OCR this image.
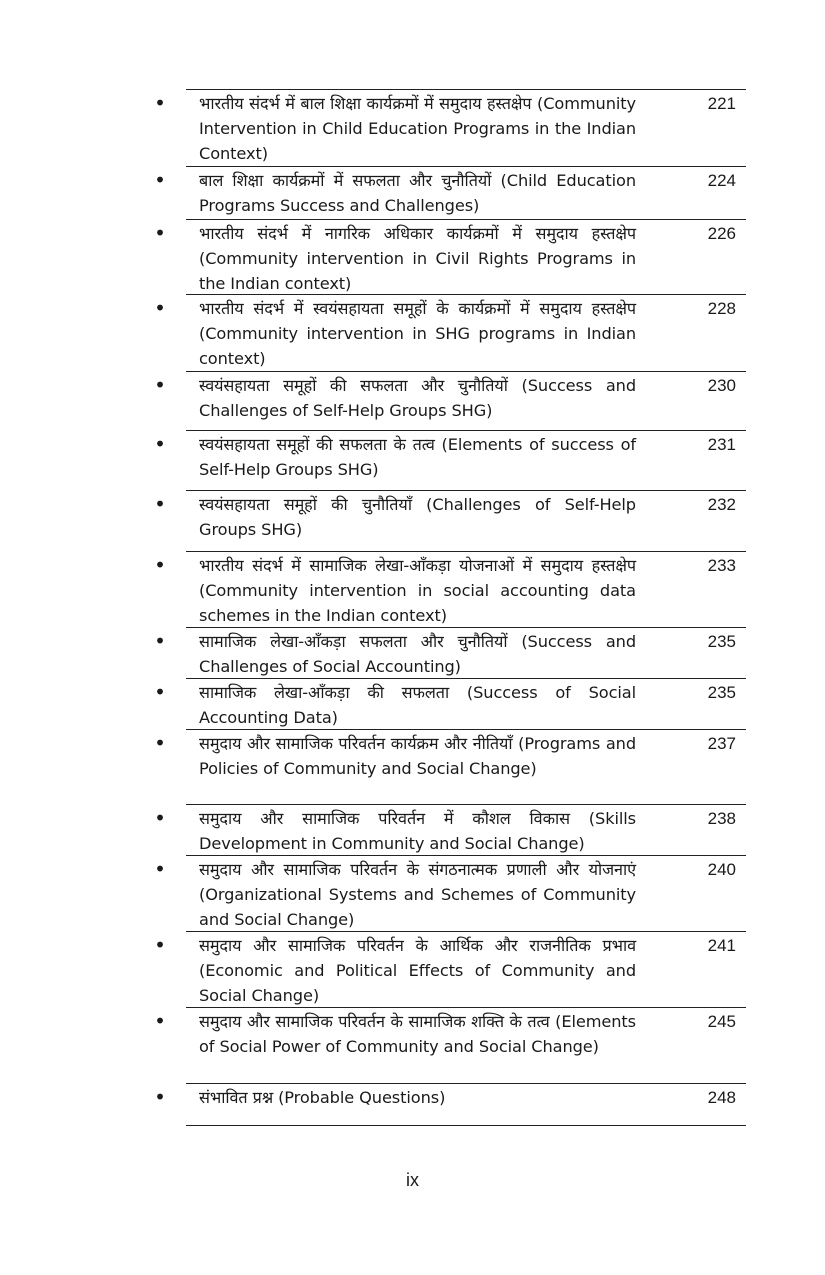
• भारतीय संदर्भ में बाल शिक्षा कार्यक्रमों में समुदाय हस्तक्षेप (Community Intervention in Child Education Programs in the Indian Context)
221
• बाल शिक्षा कार्यक्रमों में सफलता और चुनौतियों (Child Education Programs Success and Challenges)
224
• भारतीय संदर्भ में नागरिक अधिकार कार्यक्रमों में समुदाय हस्तक्षेप (Community intervention in Civil Rights Programs in the Indian context)
226
• भारतीय संदर्भ में स्वयंसहायता समूहों के कार्यक्रमों में समुदाय हस्तक्षेप (Community intervention in SHG programs in Indian context)
228
• स्वयंसहायता समूहों की सफलता और चुनौतियों (Success and Challenges of Self-Help Groups SHG)
230
• स्वयंसहायता समूहों की सफलता के तत्व (Elements of success of Self-Help Groups SHG)
231
• स्वयंसहायता समूहों की चुनौतियाँ (Challenges of Self-Help Groups SHG)
232
• भारतीय संदर्भ में सामाजिक लेखा-आँकड़ा योजनाओं में समुदाय हस्तक्षेप (Community intervention in social accounting data schemes in the Indian context)
233
• सामाजिक लेखा-आँकड़ा सफलता और चुनौतियों (Success and Challenges of Social Accounting)
235
• सामाजिक लेखा-आँकड़ा की सफलता (Success of Social Accounting Data)
235
• समुदाय और सामाजिक परिवर्तन कार्यक्रम और नीतियाँ (Programs and Policies of Community and Social Change)
237
• समुदाय और सामाजिक परिवर्तन में कौशल विकास (Skills Development in Community and Social Change)
238
• समुदाय और सामाजिक परिवर्तन के संगठनात्मक प्रणाली और योजनाएं (Organizational Systems and Schemes of Community and Social Change)
240
• समुदाय और सामाजिक परिवर्तन के आर्थिक और राजनीतिक प्रभाव (Economic and Political Effects of Community and Social Change)
241
• समुदाय और सामाजिक परिवर्तन के सामाजिक शक्ति के तत्व (Elements of Social Power of Community and Social Change)
245
• संभावित प्रश्न (Probable Questions)	248
ix
